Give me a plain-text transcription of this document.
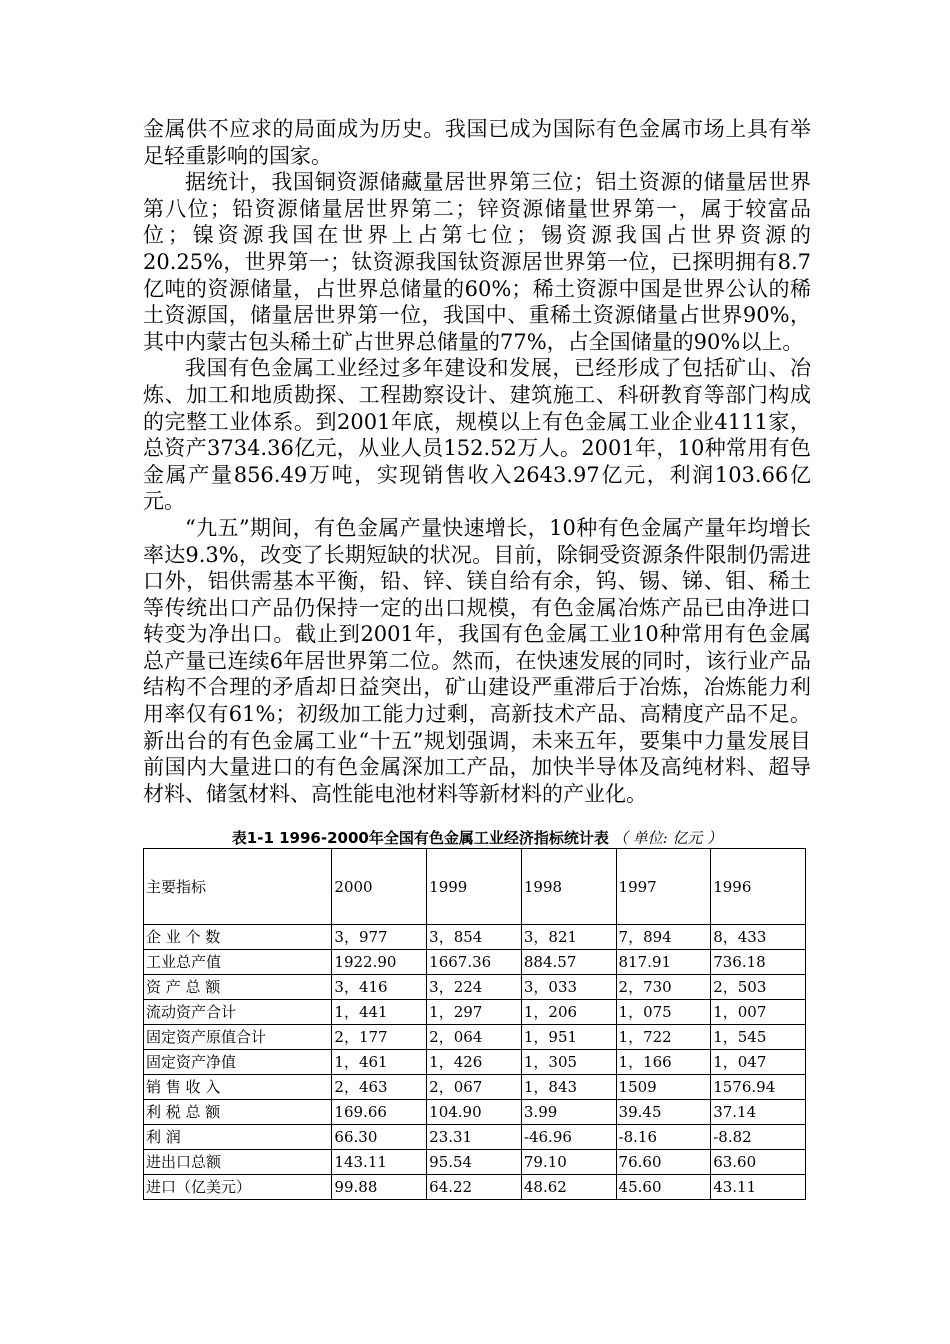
金属供不应求的局面成为历史。我国已成为国际有色金属市场上具有举足轻重影响的国家。

据统计，我国铜资源储藏量居世界第三位；铝土资源的储量居世界第八位；铅资源储量居世界第二；锌资源储量世界第一，属于较富品位；镍资源我国在世界上占第七位；锡资源我国占世界资源的20.25%，世界第一；钛资源我国钛资源居世界第一位，已探明拥有8.7亿吨的资源储量，占世界总储量的60%；稀土资源中国是世界公认的稀土资源国，储量居世界第一位，我国中、重稀土资源储量占世界90%，其中内蒙古包头稀土矿占世界总储量的77%，占全国储量的90%以上。

我国有色金属工业经过多年建设和发展，已经形成了包括矿山、冶炼、加工和地质勘探、工程勘察设计、建筑施工、科研教育等部门构成的完整工业体系。到2001年底，规模以上有色金属工业企业4111家，总资产3734.36亿元，从业人员152.52万人。2001年，10种常用有色金属产量856.49万吨，实现销售收入2643.97亿元，利润103.66亿元。

“九五”期间，有色金属产量快速增长，10种有色金属产量年均增长率达9.3%，改变了长期短缺的状况。目前，除铜受资源条件限制仍需进口外，铝供需基本平衡，铅、锌、镁自给有余，钨、锡、锑、钼、稀土等传统出口产品仍保持一定的出口规模，有色金属冶炼产品已由净进口转变为净出口。截止到2001年，我国有色金属工业10种常用有色金属总产量已连续6年居世界第二位。然而，在快速发展的同时，该行业产品结构不合理的矛盾却日益突出，矿山建设严重滞后于冶炼，冶炼能力利用率仅有61%；初级加工能力过剩，高新技术产品、高精度产品不足。新出台的有色金属工业“十五”规划强调，未来五年，要集中力量发展目前国内大量进口的有色金属深加工产品，加快半导体及高纯材料、超导材料、储氢材料、高性能电池材料等新材料的产业化。

表1-1 1996-2000年全国有色金属工业经济指标统计表 （ 单位: 亿元 ）
主要指标	2000	1999	1998	1997	1996
企 业 个 数	3，977	3，854	3，821	7，894	8，433
工业总产值	1922.90	1667.36	884.57	817.91	736.18
资 产 总 额	3，416	3，224	3，033	2，730	2，503
流动资产合计	1，441	1，297	1，206	1，075	1，007
固定资产原值合计	2，177	2，064	1，951	1，722	1，545
固定资产净值	1，461	1，426	1，305	1，166	1，047
销 售 收 入	2，463	2，067	1，843	1509	1576.94
利 税 总 额	169.66	104.90	3.99	39.45	37.14
利 润	66.30	23.31	-46.96	-8.16	-8.82
进出口总额	143.11	95.54	79.10	76.60	63.60
进口（亿美元）	99.88	64.22	48.62	45.60	43.11
